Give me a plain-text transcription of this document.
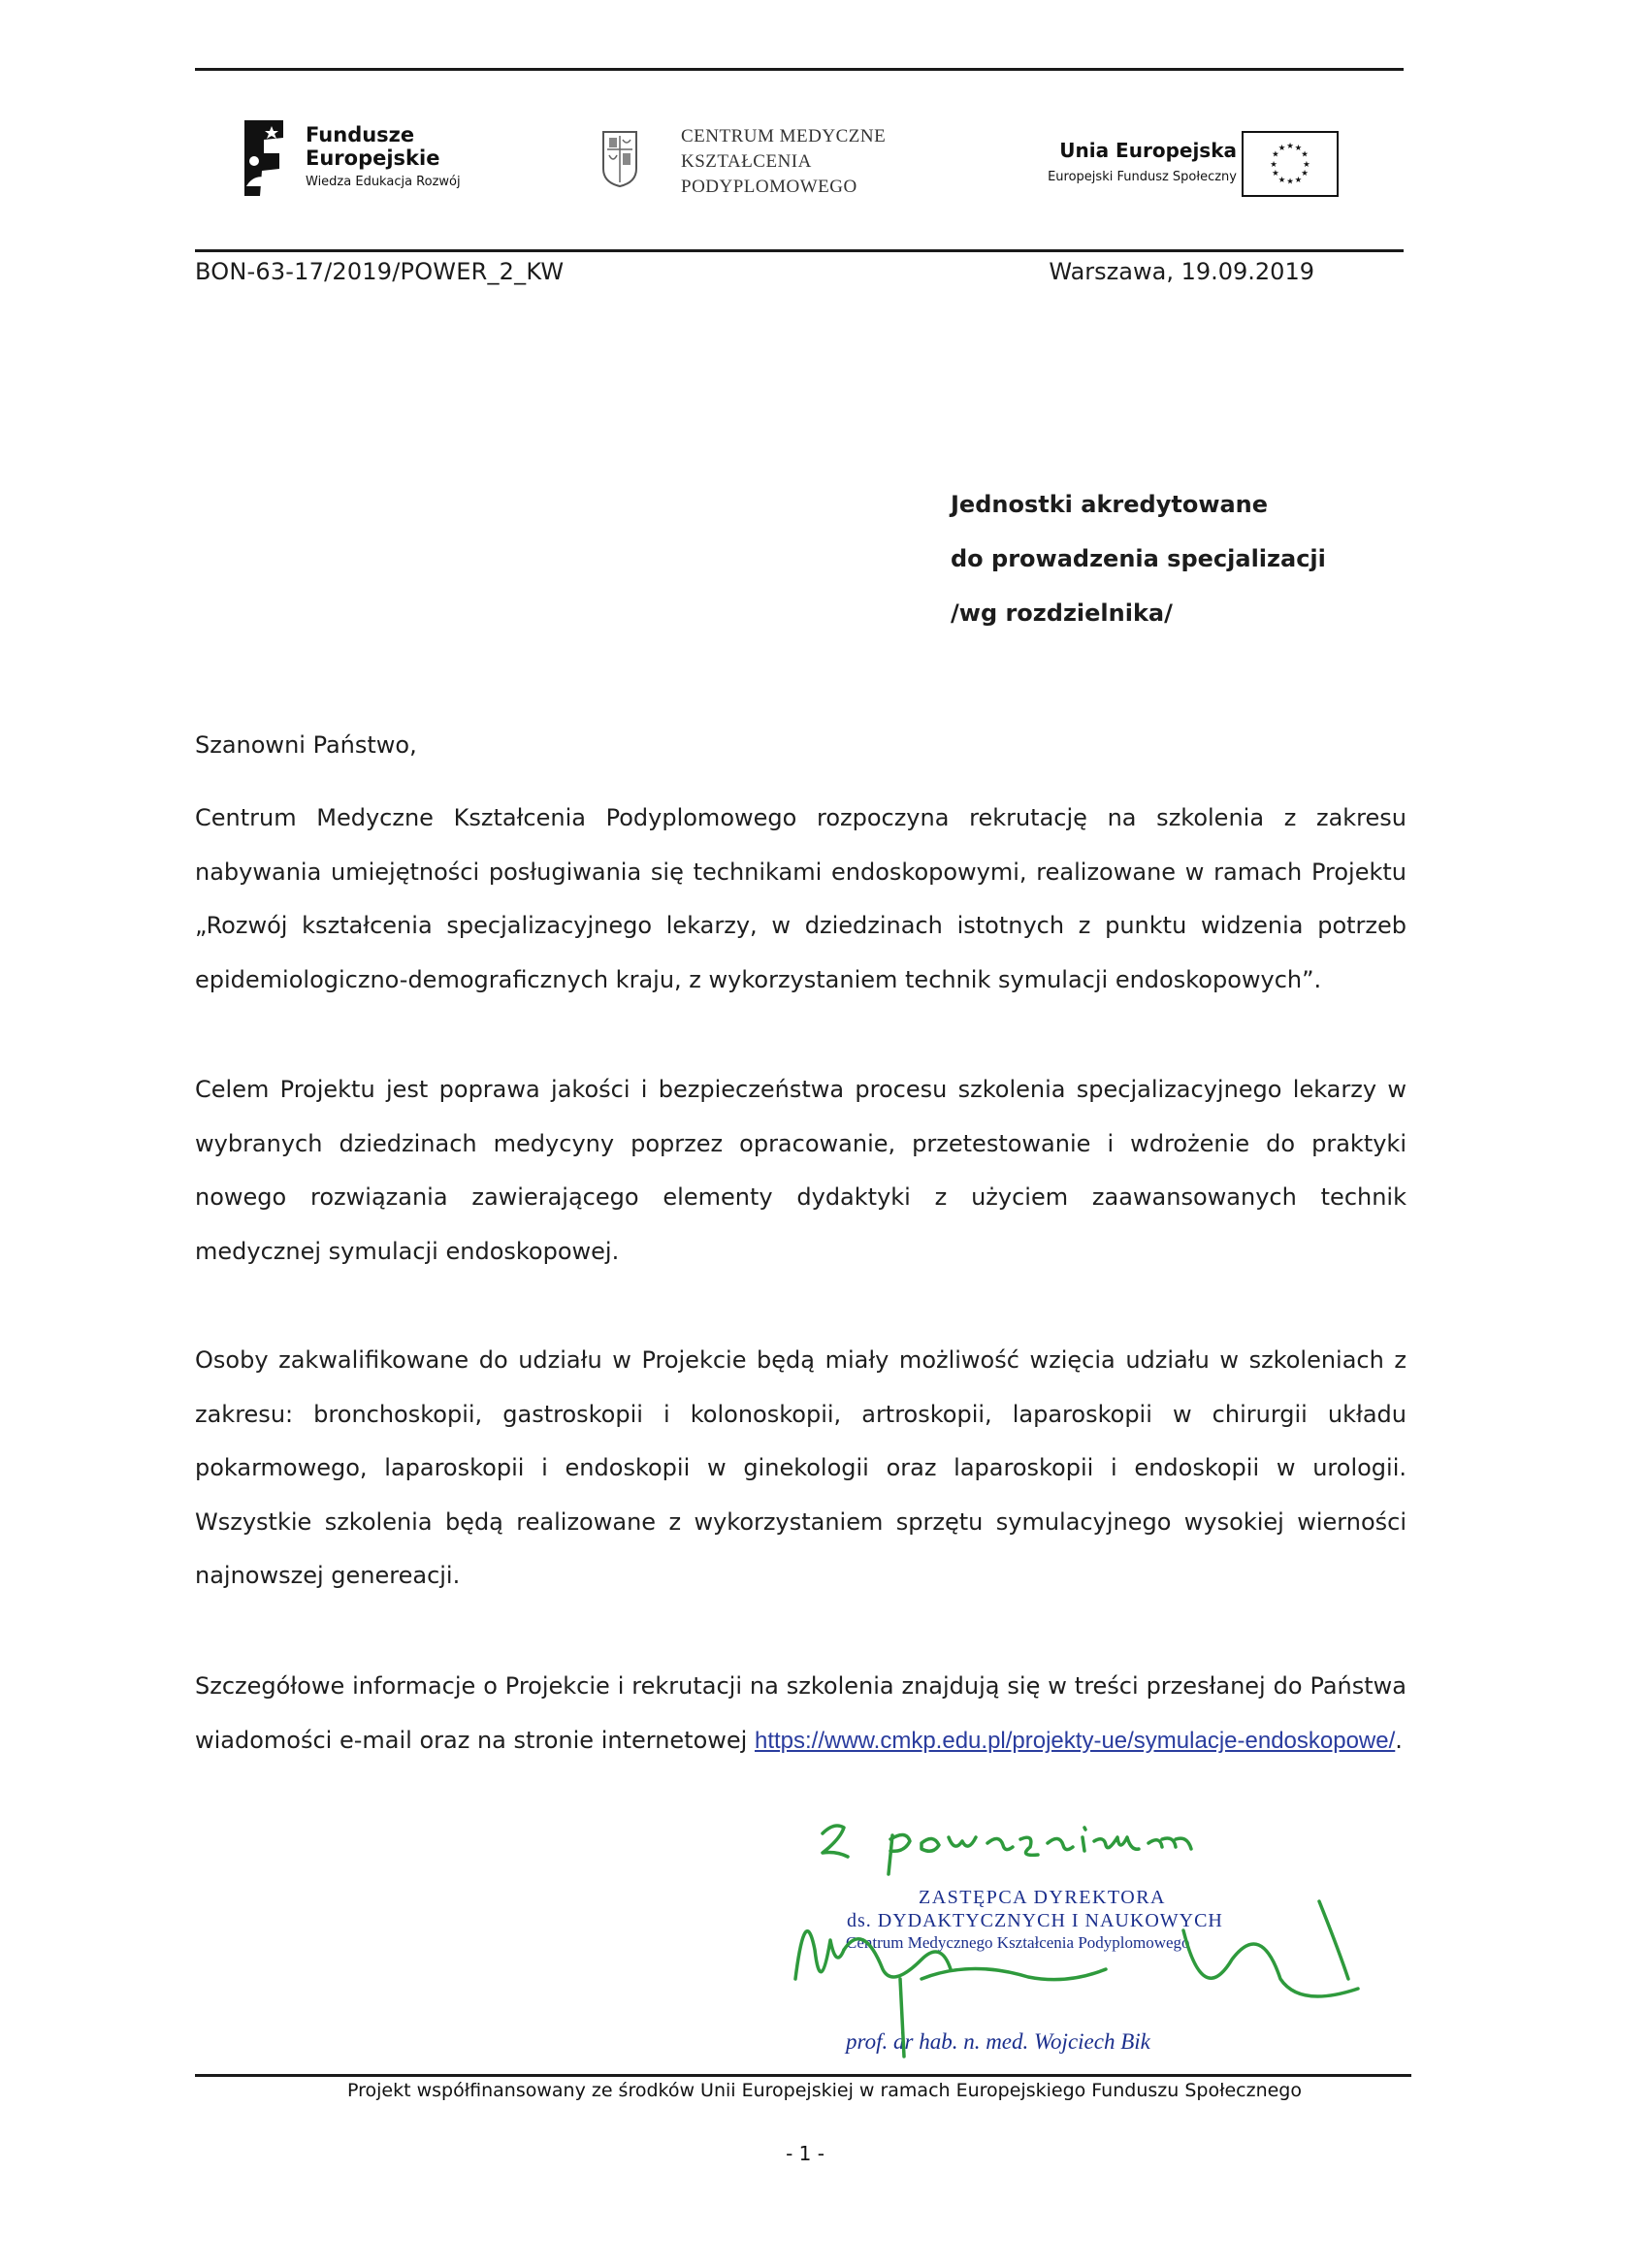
Fundusze
Europejskie
Wiedza Edukacja Rozwój
CENTRUM MEDYCZNE
KSZTAŁCENIA
PODYPLOMOWEGO
Unia Europejska
Europejski Fundusz Społeczny
★ ★
★
★
★
★
★
★
★
★
★
★
BON-63-17/2019/POWER_2_KW	Warszawa, 19.09.2019
Jednostki akredytowane
do prowadzenia specjalizacji
/wg rozdzielnika/
Szanowni Państwo,
Centrum Medyczne Kształcenia Podyplomowego rozpoczyna rekrutację na szkolenia z zakresu nabywania umiejętności posługiwania się technikami endoskopowymi, realizowane w ramach Projektu „Rozwój kształcenia specjalizacyjnego lekarzy, w dziedzinach istotnych z punktu widzenia potrzeb epidemiologiczno-demograficznych kraju, z wykorzystaniem technik symulacji endoskopowych”.
Celem Projektu jest poprawa jakości i bezpieczeństwa procesu szkolenia specjalizacyjnego lekarzy w wybranych dziedzinach medycyny poprzez opracowanie, przetestowanie i wdrożenie do praktyki nowego rozwiązania zawierającego elementy dydaktyki z użyciem zaawansowanych technik medycznej symulacji endoskopowej.
Osoby zakwalifikowane do udziału w Projekcie będą miały możliwość wzięcia udziału w szkoleniach z zakresu: bronchoskopii, gastroskopii i kolonoskopii, artroskopii, laparoskopii w chirurgii układu pokarmowego, laparoskopii i endoskopii w ginekologii oraz laparoskopii i endoskopii w urologii. Wszystkie szkolenia będą realizowane z wykorzystaniem sprzętu symulacyjnego wysokiej wierności najnowszej genereacji.
Szczegółowe informacje o Projekcie i rekrutacji na szkolenia znajdują się w treści przesłanej do Państwa wiadomości e-mail oraz na stronie internetowej https://www.cmkp.edu.pl/projekty-ue/symulacje-endoskopowe/.
ZASTĘPCA DYREKTORA
ds. DYDAKTYCZNYCH I NAUKOWYCH
Centrum Medycznego Kształcenia Podyplomowego
prof. dr hab. n. med. Wojciech Bik
Projekt współfinansowany ze środków Unii Europejskiej w ramach Europejskiego Funduszu Społecznego
- 1 -
